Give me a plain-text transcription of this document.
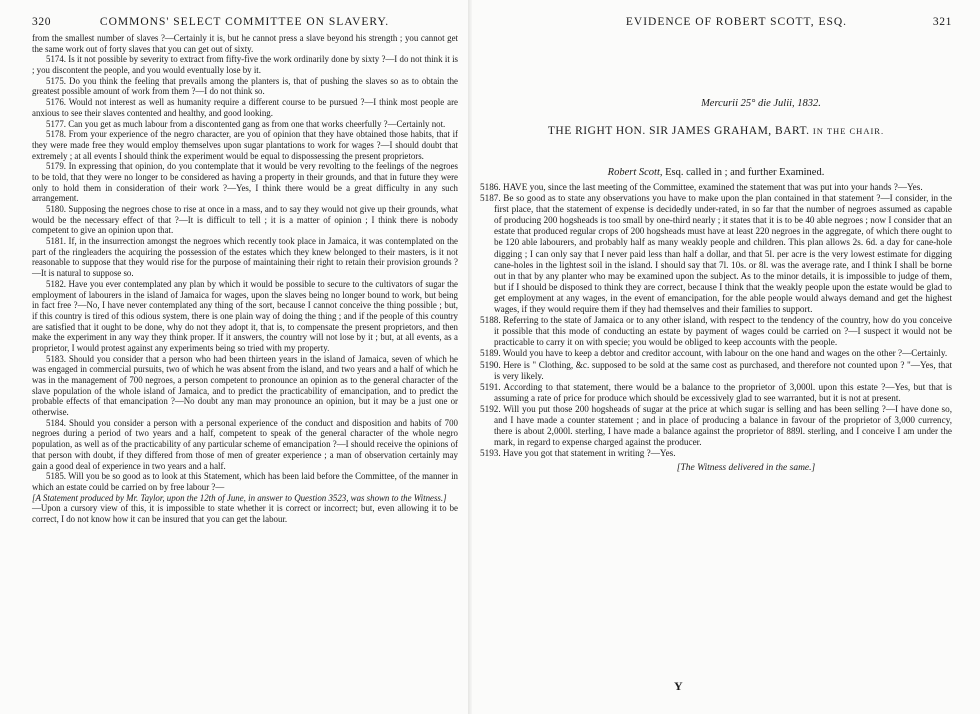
320	COMMONS' SELECT COMMITTEE ON SLAVERY.

from the smallest number of slaves ?—Certainly it is, but he cannot press a slave beyond his strength ; you cannot get the same work out of forty slaves that you can get out of sixty.

5174. Is it not possible by severity to extract from fifty-five the work ordinarily done by sixty ?—I do not think it is ; you discontent the people, and you would eventually lose by it.

5175. Do you think the feeling that prevails among the planters is, that of pushing the slaves so as to obtain the greatest possible amount of work from them ?—I do not think so.

5176. Would not interest as well as humanity require a different course to be pursued ?—I think most people are anxious to see their slaves contented and healthy, and good looking.

5177. Can you get as much labour from a discontented gang as from one that works cheerfully ?—Certainly not.

5178. From your experience of the negro character, are you of opinion that they have obtained those habits, that if they were made free they would employ themselves upon sugar plantations to work for wages ?—I should doubt that extremely ; at all events I should think the experiment would be equal to dispossessing the present proprietors.

5179. In expressing that opinion, do you contemplate that it would be very revolting to the feelings of the negroes to be told, that they were no longer to be considered as having a property in their grounds, and that in future they were only to hold them in consideration of their work ?—Yes, I think there would be a great difficulty in any such arrangement.

5180. Supposing the negroes chose to rise at once in a mass, and to say they would not give up their grounds, what would be the necessary effect of that ?—It is difficult to tell ; it is a matter of opinion ; I think there is nobody competent to give an opinion upon that.

5181. If, in the insurrection amongst the negroes which recently took place in Jamaica, it was contemplated on the part of the ringleaders the acquiring the possession of the estates which they knew belonged to their masters, is it not reasonable to suppose that they would rise for the purpose of maintaining their right to retain their provision grounds ?—It is natural to suppose so.

5182. Have you ever contemplated any plan by which it would be possible to secure to the cultivators of sugar the employment of labourers in the island of Jamaica for wages, upon the slaves being no longer bound to work, but being in fact free ?—No, I have never contemplated any thing of the sort, because I cannot conceive the thing possible ; but, if this country is tired of this odious system, there is one plain way of doing the thing ; and if the people of this country are satisfied that it ought to be done, why do not they adopt it, that is, to compensate the present proprietors, and then make the experiment in any way they think proper. If it answers, the country will not lose by it ; but, at all events, as a proprietor, I would protest against any experiments being so tried with my property.

5183. Should you consider that a person who had been thirteen years in the island of Jamaica, seven of which he was engaged in commercial pursuits, two of which he was absent from the island, and two years and a half of which he was in the management of 700 negroes, a person competent to pronounce an opinion as to the general character of the slave population of the whole island of Jamaica, and to predict the practicability of emancipation, and to predict the probable effects of that emancipation ?—No doubt any man may pronounce an opinion, but it may be a just one or otherwise.

5184. Should you consider a person with a personal experience of the conduct and disposition and habits of 700 negroes during a period of two years and a half, competent to speak of the general character of the whole negro population, as well as of the practicability of any particular scheme of emancipation ?—I should receive the opinions of that person with doubt, if they differed from those of men of greater experience ; a man of observation certainly may gain a good deal of experience in two years and a half.

5185. Will you be so good as to look at this Statement, which has been laid before the Committee, of the manner in which an estate could be carried on by free labour ?—

[A Statement produced by Mr. Taylor, upon the 12th of June, in answer to Question 3523, was shown to the Witness.]

—Upon a cursory view of this, it is impossible to state whether it is correct or incorrect; but, even allowing it to be correct, I do not know how it can be insured that you can get the labour.

EVIDENCE OF ROBERT SCOTT, ESQ.	321
Mercurii 25° die Julii, 1832.
THE RIGHT HON. SIR JAMES GRAHAM, BART. IN THE CHAIR.
Robert Scott, Esq. called in ; and further Examined.

5186. HAVE you, since the last meeting of the Committee, examined the statement that was put into your hands ?—Yes.

5187. Be so good as to state any observations you have to make upon the plan contained in that statement ?—I consider, in the first place, that the statement of expense is decidedly under-rated, in so far that the number of negroes assumed as capable of producing 200 hogsheads is too small by one-third nearly ; it states that it is to be 40 able negroes ; now I consider that an estate that produced regular crops of 200 hogsheads must have at least 220 negroes in the aggregate, of which there ought to be 120 able labourers, and probably half as many weakly people and children. This plan allows 2s. 6d. a day for cane-hole digging ; I can only say that I never paid less than half a dollar, and that 5l. per acre is the very lowest estimate for digging cane-holes in the lightest soil in the island. I should say that 7l. 10s. or 8l. was the average rate, and I think I shall be borne out in that by any planter who may be examined upon the subject. As to the minor details, it is impossible to judge of them, but if I should be disposed to think they are correct, because I think that the weakly people upon the estate would be glad to get employment at any wages, in the event of emancipation, for the able people would always demand and get the highest wages, if they would require them if they had themselves and their families to support.

5188. Referring to the state of Jamaica or to any other island, with respect to the tendency of the country, how do you conceive it possible that this mode of conducting an estate by payment of wages could be carried on ?—I suspect it would not be practicable to carry it on with specie; you would be obliged to keep accounts with the people.

5189. Would you have to keep a debtor and creditor account, with labour on the one hand and wages on the other ?—Certainly.

5190. Here is " Clothing, &c. supposed to be sold at the same cost as purchased, and therefore not counted upon ? "—Yes, that is very likely.

5191. According to that statement, there would be a balance to the proprietor of 3,000l. upon this estate ?—Yes, but that is assuming a rate of price for produce which should be excessively glad to see warranted, but it is not at present.

5192. Will you put those 200 hogsheads of sugar at the price at which sugar is selling and has been selling ?—I have done so, and I have made a counter statement ; and in place of producing a balance in favour of the proprietor of 3,000 currency, there is about 2,000l. sterling, I have made a balance against the proprietor of 889l. sterling, and I conceive I am under the mark, in regard to expense charged against the producer.

5193. Have you got that statement in writing ?—Yes.

[The Witness delivered in the same.]
Y
